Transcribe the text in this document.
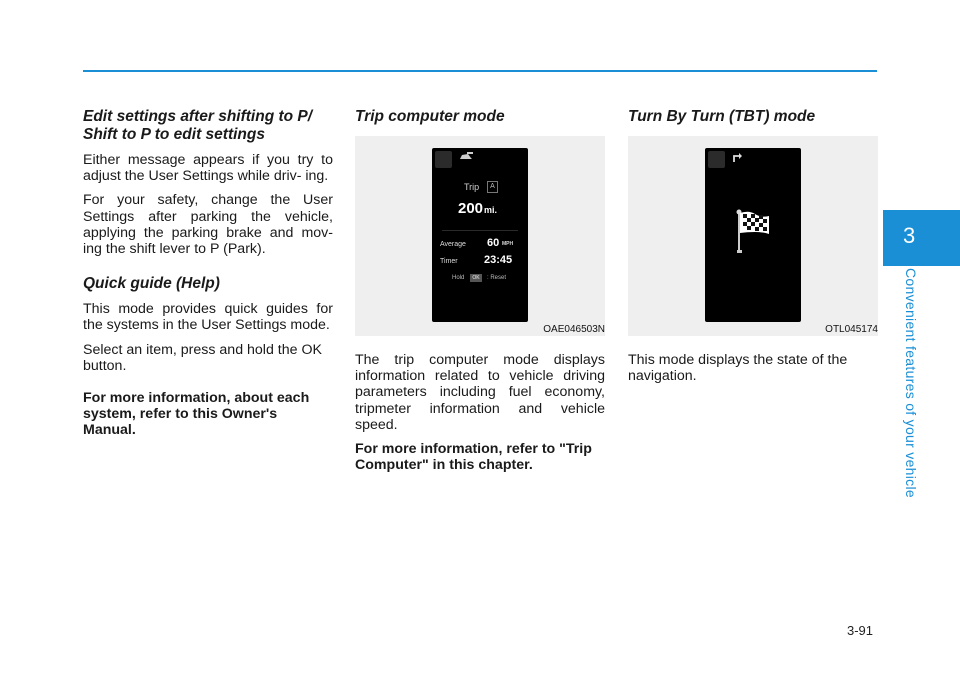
Edit settings after shifting to P/ Shift to P to edit settings

Either message appears if you try to adjust the User Settings while driv- ing.

For your safety, change the User Settings after parking the vehicle, applying the parking brake and mov- ing the shift lever to P (Park).

Quick guide (Help)

This mode provides quick guides for the systems in the User Settings mode.

Select an item, press and hold the OK button.

For more information, about each system, refer to this Owner's Manual.

Trip computer mode
Trip	A
200 mi.
Average 60 MPH
Timer 23:45
Hold	OK	: Reset
OAE046503N

The trip computer mode displays information related to vehicle driving parameters including fuel economy, tripmeter information and vehicle speed.

For more information, refer to "Trip Computer" in this chapter.

Turn By Turn (TBT) mode
OTL045174

This mode displays the state of the navigation.

3
Convenient features of your vehicle
3-91
